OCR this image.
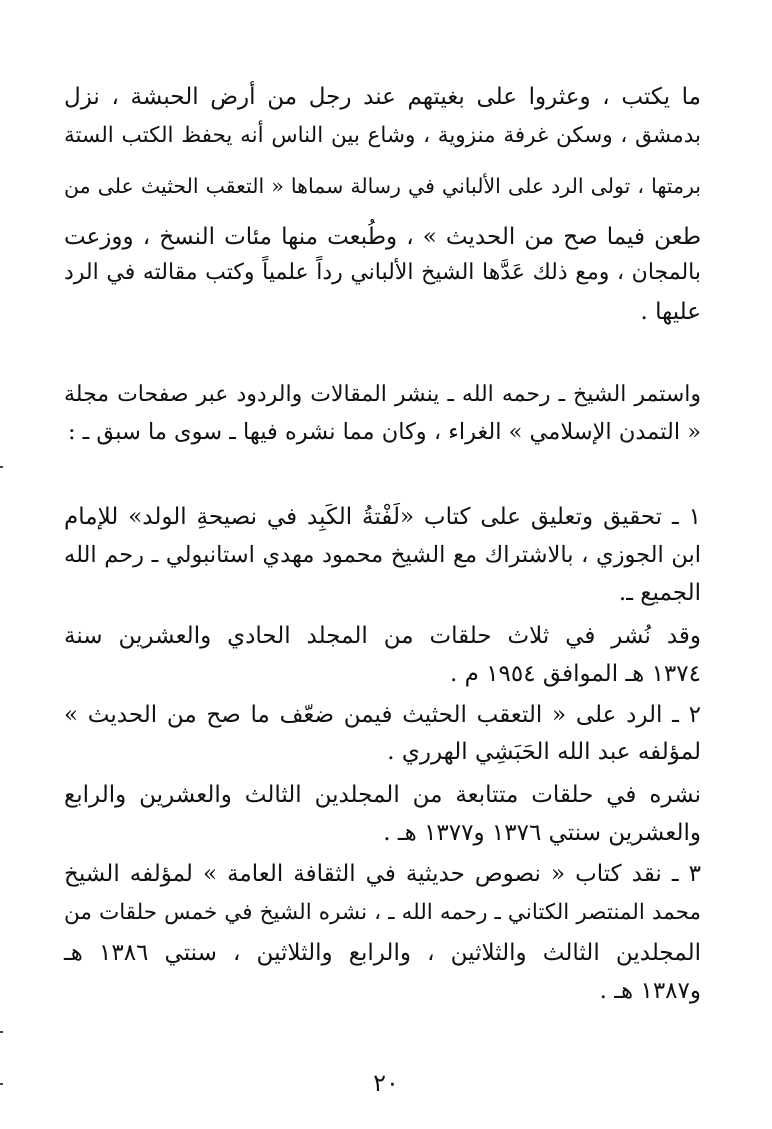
ما يكتب ، وعثروا على بغيتهم عند رجل من أرض الحبشة ، نزل
بدمشق ، وسكن غرفة منزوية ، وشاع بين الناس أنه يحفظ الكتب الستة
برمتها ، تولى الرد على الألباني في رسالة سماها « التعقب الحثيث على من
طعن فيما صح من الحديث » ، وطُبعت منها مئات النسخ ، ووزعت
بالمجان ، ومع ذلك عَدَّها الشيخ الألباني رداً علمياً وكتب مقالته في الرد
عليها .
واستمر الشيخ ـ رحمه الله ـ ينشر المقالات والردود عبر صفحات مجلة
« التمدن الإسلامي » الغراء ، وكان مما نشره فيها ـ سوى ما سبق ـ :
١ ـ تحقيق وتعليق على كتاب «لَفْتةُ الكَبِد في نصيحةِ الولد» للإمام
ابن الجوزي ، بالاشتراك مع الشيخ محمود مهدي استانبولي ـ رحم الله
الجميع ـ.
وقد نُشر في ثلاث حلقات من المجلد الحادي والعشرين سنة
١٣٧٤ هـ الموافق ١٩٥٤ م .
٢ ـ الرد على « التعقب الحثيث فيمن ضعّف ما صح من الحديث »
لمؤلفه عبد الله الحَبَشِي الهرري .
نشره في حلقات متتابعة من المجلدين الثالث والعشرين والرابع
والعشرين سنتي ١٣٧٦ و١٣٧٧ هـ .
٣ ـ نقد كتاب « نصوص حديثية في الثقافة العامة » لمؤلفه الشيخ
محمد المنتصر الكتاني ـ رحمه الله ـ ، نشره الشيخ في خمس حلقات من
المجلدين الثالث والثلاثين ، والرابع والثلاثين ، سنتي ١٣٨٦ هـ
و١٣٨٧ هـ .
٢٠
